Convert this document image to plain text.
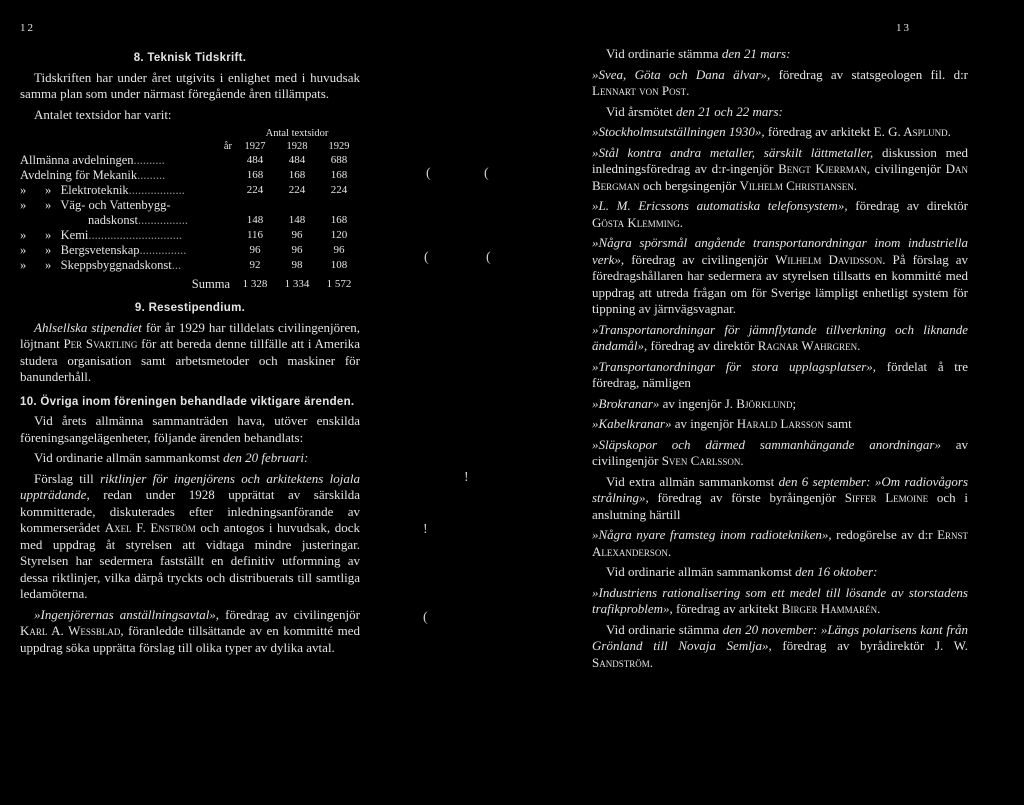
12
8. Teknisk Tidskrift.

Tidskriften har under året utgivits i enlighet med i huvudsak samma plan som under närmast föregående åren tillämpats.

Antalet textsidor har varit:

	Antal textsidor		
år	1927	1928	1929
Allmänna avdelningen..........	484	484	688
Avdelning för Mekanik.........	168	168	168
»      »   Elektroteknik..................	224	224	224
»      »   Väg- och Vattenbygg-			
nadskonst................	148	148	168
»      »   Kemi..............................	116	96	120
»      »   Bergsvetenskap...............	96	96	96
»      »   Skeppsbyggnadskonst...	92	98	108
Summa	1 328	1 334	1 572
9. Resestipendium.

Ahlsellska stipendiet för år 1929 har tilldelats civilingenjören, löjtnant Per Svartling för att bereda denne tillfälle att i Amerika studera organisation samt arbetsmetoder och maskiner för banunderhåll.

10. Övriga inom föreningen behandlade viktigare ärenden.

Vid årets allmänna sammanträden hava, utöver enskilda föreningsangelägenheter, följande ärenden behandlats:

Vid ordinarie allmän sammankomst den 20 februari:

Förslag till riktlinjer för ingenjörens och arkitektens lojala uppträdande, redan under 1928 upprättat av särskilda kommitterade, diskuterades efter inledningsanförande av kommerserådet Axel F. Enström och antogos i huvudsak, dock med uppdrag åt styrelsen att vidtaga mindre justeringar. Styrelsen har sedermera fastställt en definitiv utformning av dessa riktlinjer, vilka därpå tryckts och distribuerats till samtliga ledamöterna.

»Ingenjörernas anställningsavtal», föredrag av civilingenjör Karl A. Wessblad, föranledde tillsättande av en kommitté med uppdrag söka upprätta förslag till olika typer av dylika avtal.

(	(
(	(
!
!
(
13

Vid ordinarie stämma den 21 mars:

»Svea, Göta och Dana älvar», föredrag av statsgeologen fil. d:r Lennart von Post.

Vid årsmötet den 21 och 22 mars:

»Stockholmsutställningen 1930», föredrag av arkitekt E. G. Asplund.

»Stål kontra andra metaller, särskilt lättmetaller, diskussion med inledningsföredrag av d:r-ingenjör Bengt Kjerrman, civilingenjör Dan Bergman och bergsingenjör Vilhelm Christiansen.

»L. M. Ericssons automatiska telefonsystem», föredrag av direktör Gösta Klemming.

»Några spörsmål angående transportanordningar inom industriella verk», föredrag av civilingenjör Wilhelm Davidsson. På förslag av föredragshållaren har sedermera av styrelsen tillsatts en kommitté med uppdrag att utreda frågan om för Sverige lämpligt enhetligt system för tippning av järnvägsvagnar.

»Transportanordningar för jämnflytande tillverkning och liknande ändamål», föredrag av direktör Ragnar Wahrgren.

»Transportanordningar för stora upplagsplatser», fördelat å tre föredrag, nämligen

»Brokranar» av ingenjör J. Björklund;

»Kabelkranar» av ingenjör Harald Larsson samt

»Släpskopor och därmed sammanhängande anordningar» av civilingenjör Sven Carlsson.

Vid extra allmän sammankomst den 6 september: »Om radiovågors strålning», föredrag av förste byråingenjör Siffer Lemoine och i anslutning härtill

»Några nyare framsteg inom radiotekniken», redogörelse av d:r Ernst Alexanderson.

Vid ordinarie allmän sammankomst den 16 oktober:

»Industriens rationalisering som ett medel till lösande av storstadens trafikproblem», föredrag av arkitekt Birger Hammarén.

Vid ordinarie stämma den 20 november: »Längs polarisens kant från Grönland till Novaja Semlja», föredrag av byrådirektör J. W. Sandström.
